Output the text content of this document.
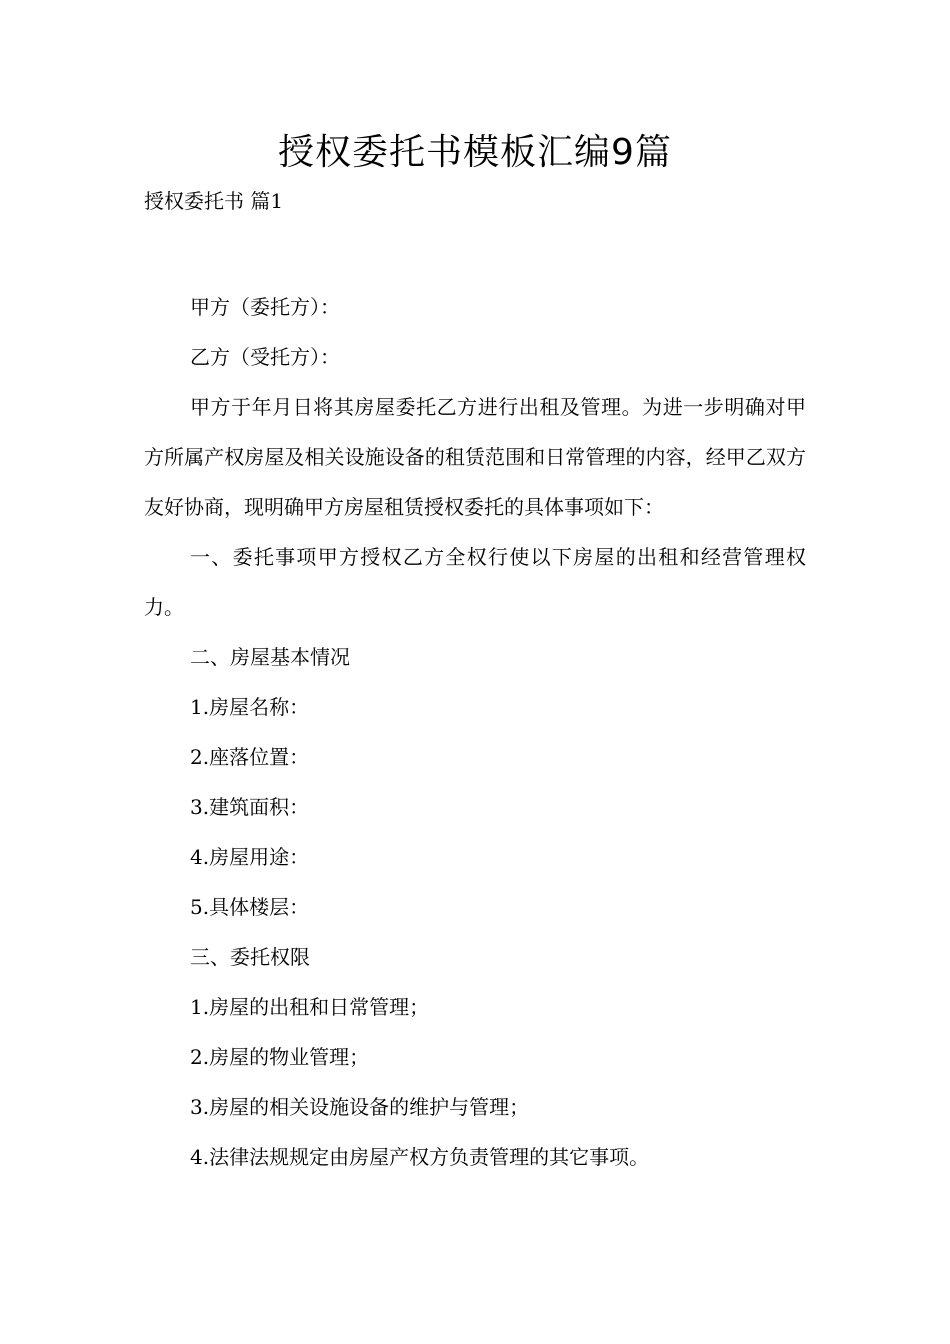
授权委托书模板汇编9篇
授权委托书 篇1

甲方（委托方）：

乙方（受托方）：

甲方于年月日将其房屋委托乙方进行出租及管理。为进一步明确对甲方所属产权房屋及相关设施设备的租赁范围和日常管理的内容，经甲乙双方友好协商，现明确甲方房屋租赁授权委托的具体事项如下：

一、委托事项甲方授权乙方全权行使以下房屋的出租和经营管理权力。

二、房屋基本情况

1.房屋名称：

2.座落位置：

3.建筑面积：

4.房屋用途：

5.具体楼层：

三、委托权限

1.房屋的出租和日常管理；

2.房屋的物业管理；

3.房屋的相关设施设备的维护与管理；

4.法律法规规定由房屋产权方负责管理的其它事项。
